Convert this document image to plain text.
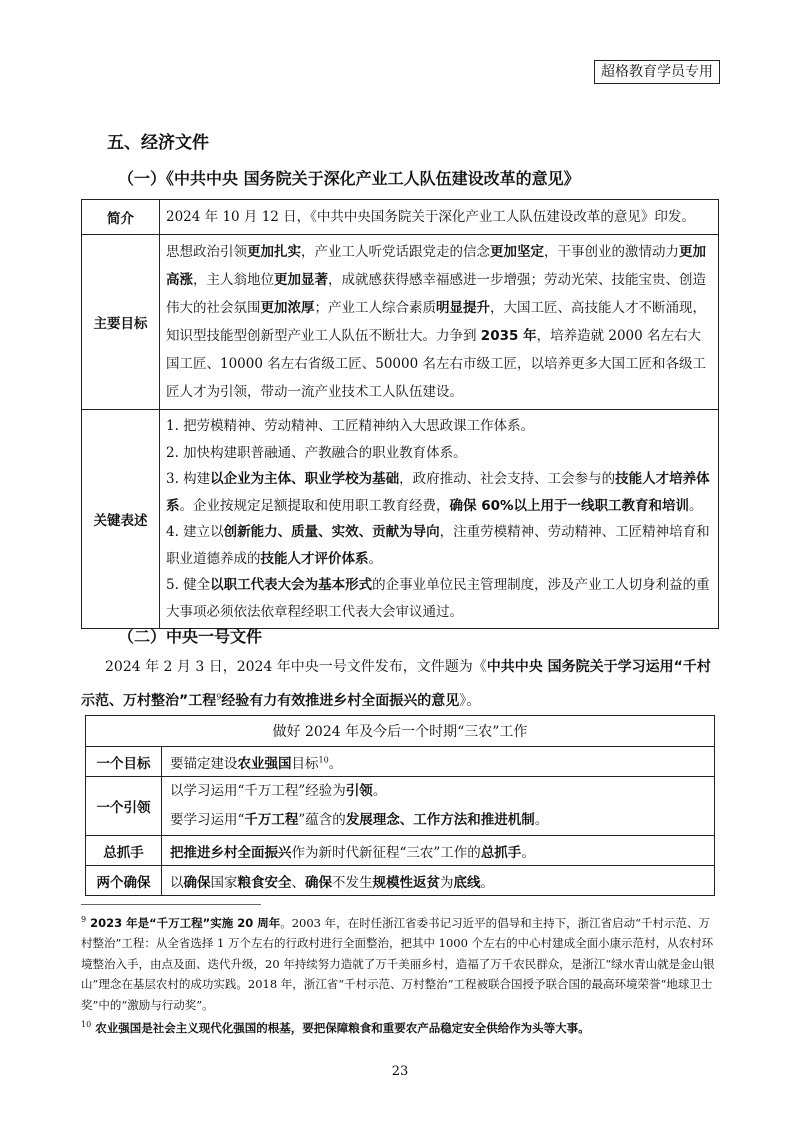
超格教育学员专用
五、经济文件
（一）《中共中央 国务院关于深化产业工人队伍建设改革的意见》
简介	2024 年 10 月 12 日，《中共中央国务院关于深化产业工人队伍建设改革的意见》印发。
主要目标	思想政治引领更加扎实，产业工人听党话跟党走的信念更加坚定，干事创业的激情动力更加高涨，主人翁地位更加显著，成就感获得感幸福感进一步增强；劳动光荣、技能宝贵、创造伟大的社会氛围更加浓厚；产业工人综合素质明显提升，大国工匠、高技能人才不断涌现，知识型技能型创新型产业工人队伍不断壮大。力争到 2035 年，培养造就 2000 名左右大国工匠、10000 名左右省级工匠、50000 名左右市级工匠，以培养更多大国工匠和各级工匠人才为引领，带动一流产业技术工人队伍建设。
关键表述	1. 把劳模精神、劳动精神、工匠精神纳入大思政课工作体系。

2. 加快构建职普融通、产教融合的职业教育体系。

3. 构建以企业为主体、职业学校为基础，政府推动、社会支持、工会参与的技能人才培养体系。企业按规定足额提取和使用职工教育经费，确保 60%以上用于一线职工教育和培训。

4. 建立以创新能力、质量、实效、贡献为导向，注重劳模精神、劳动精神、工匠精神培育和职业道德养成的技能人才评价体系。

5. 健全以职工代表大会为基本形式的企事业单位民主管理制度，涉及产业工人切身利益的重大事项必须依法依章程经职工代表大会审议通过。

（二）中央一号文件

2024 年 2 月 3 日，2024 年中央一号文件发布，文件题为《中共中央 国务院关于学习运用“千村示范、万村整治”工程$^9$经验有力有效推进乡村全面振兴的意见》。

做好 2024 年及今后一个时期“三农”工作	
一个目标	要锚定建设农业强国目标$^{10}$。
一个引领	以学习运用“千万工程”经验为引领。
要学习运用“千万工程”蕴含的发展理念、工作方法和推进机制。

总抓手	把推进乡村全面振兴作为新时代新征程“三农”工作的总抓手。
两个确保	以确保国家粮食安全、确保不发生规模性返贫为底线。

$^9$ 2023 年是“千万工程”实施 20 周年。2003 年，在时任浙江省委书记习近平的倡导和主持下，浙江省启动“千村示范、万村整治”工程：从全省选择 1 万个左右的行政村进行全面整治，把其中 1000 个左右的中心村建成全面小康示范村，从农村环境整治入手，由点及面、迭代升级，20 年持续努力造就了万千美丽乡村，造福了万千农民群众，是浙江“绿水青山就是金山银山”理念在基层农村的成功实践。2018 年，浙江省“千村示范、万村整治”工程被联合国授予联合国的最高环境荣誉“地球卫士奖”中的“激励与行动奖”。

$^{10}$ 农业强国是社会主义现代化强国的根基，要把保障粮食和重要农产品稳定安全供给作为头等大事。

23
